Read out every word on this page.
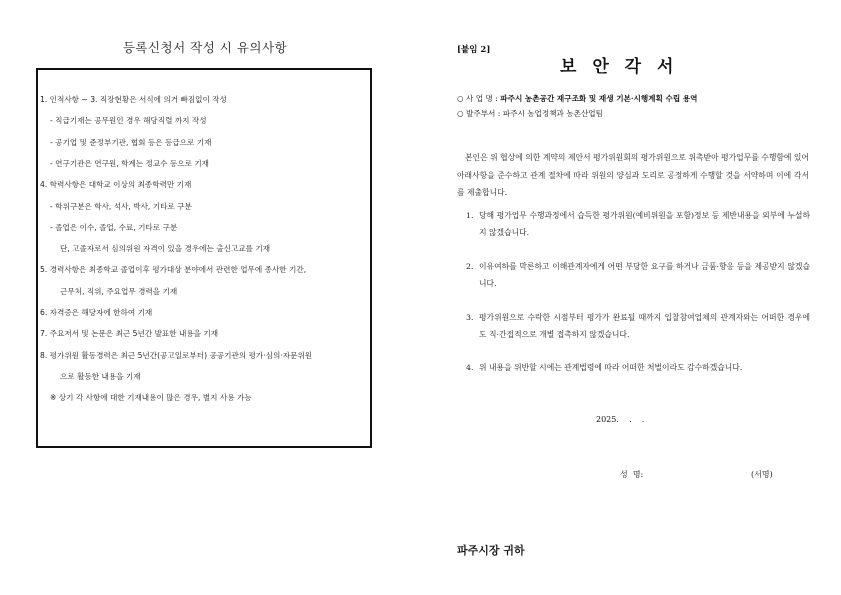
등록신청서 작성 시 유의사항
1. 인적사항 ~ 3. 직장현황은 서식에 의거 빠짐없이 작성
- 직급기재는 공무원인 경우 해당직렬 까지 작성
- 공기업 및 준정부기관, 협회 등은 등급으로 기재
- 연구기관은 연구원, 학계는 정교수 등으로 기재
4. 학력사항은 대학교 이상의 최종학력만 기재
- 학위구분은 학사, 석사, 박사, 기타로 구분
- 졸업은 이수, 졸업, 수료, 기타로 구분
단, 고졸자로서 심의위원 자격이 있을 경우에는 출신고교를 기재
5. 경력사항은 최종학교 졸업이후 평가대상 분야에서 관련한 업무에 종사한 기간,
근무처, 직위, 주요업무 경력을 기재
6. 자격증은 해당자에 한하여 기재
7. 주요저서 및 논문은 최근 5년간 발표한 내용을 기재
8. 평가위원 활동경력은 최근 5년간(공고일로부터) 공공기관의 평가·심의·자문위원
으로 활동한 내용을 기재
※ 상기 각 사항에 대한 기재내용이 많은 경우, 별지 사용 가능
[붙임 2]
보 안 각 서
○ 사 업 명 : 파주시 농촌공간 재구조화 및 재생 기본·시행계획 수립 용역
○ 발주부서 : 파주시 농업정책과 농촌산업팀
본인은 위 협상에 의한 계약의 제안서 평가위원회의 평가위원으로 위촉받아 평가업무를 수행함에 있어 아래사항을 준수하고 관계 절차에 따라 위원의 양심과 도리로 공정하게 수행할 것을 서약하며 이에 각서를 제출합니다.
1. 당해 평가업무 수행과정에서 습득한 평가위원(예비위원을 포함)정보 등 제반내용을 외부에 누설하지 않겠습니다.
2. 이유여하를 막론하고 이해관계자에게 어떤 부당한 요구를 하거나 금품·향응 등을 제공받지 않겠습니다.
3. 평가위원으로 수락한 시점부터 평가가 완료될 때까지 입찰참여업체의 관계자와는 어떠한 경우에도 직·간접적으로 개별 접촉하지 않겠습니다.
4. 위 내용을 위반할 시에는 관계법령에 따라 어떠한 처벌이라도 감수하겠습니다.
2025.    .    .
성  명:	(서명)
파주시장 귀하
